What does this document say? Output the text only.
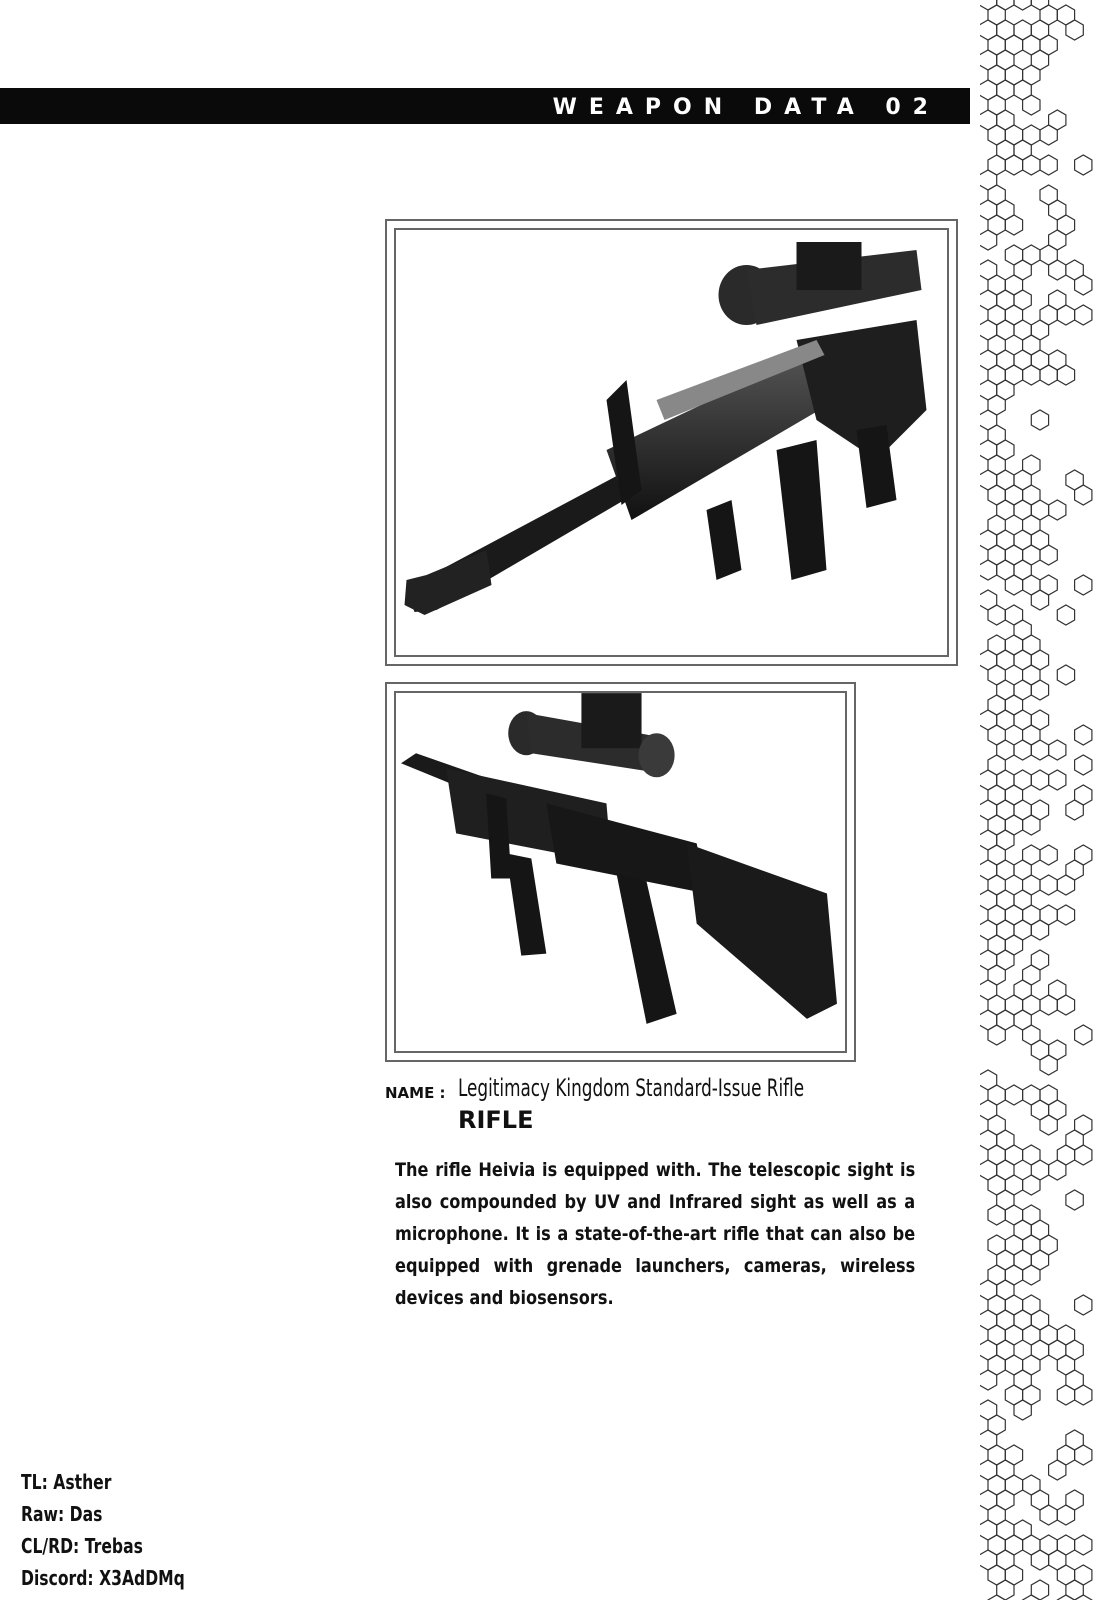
WEAPON DATA 02
NAME : Legitimacy Kingdom Standard-Issue Rifle
RIFLE
The rifle Heivia is equipped with. The telescopic sight is also compounded by UV and Infrared sight as well as a microphone. It is a state-of-the-art rifle that can also be equipped with grenade launchers, cameras, wireless devices and biosensors.
TL: Asther
Raw: Das
CL/RD: Trebas
Discord: X3AdDMq
